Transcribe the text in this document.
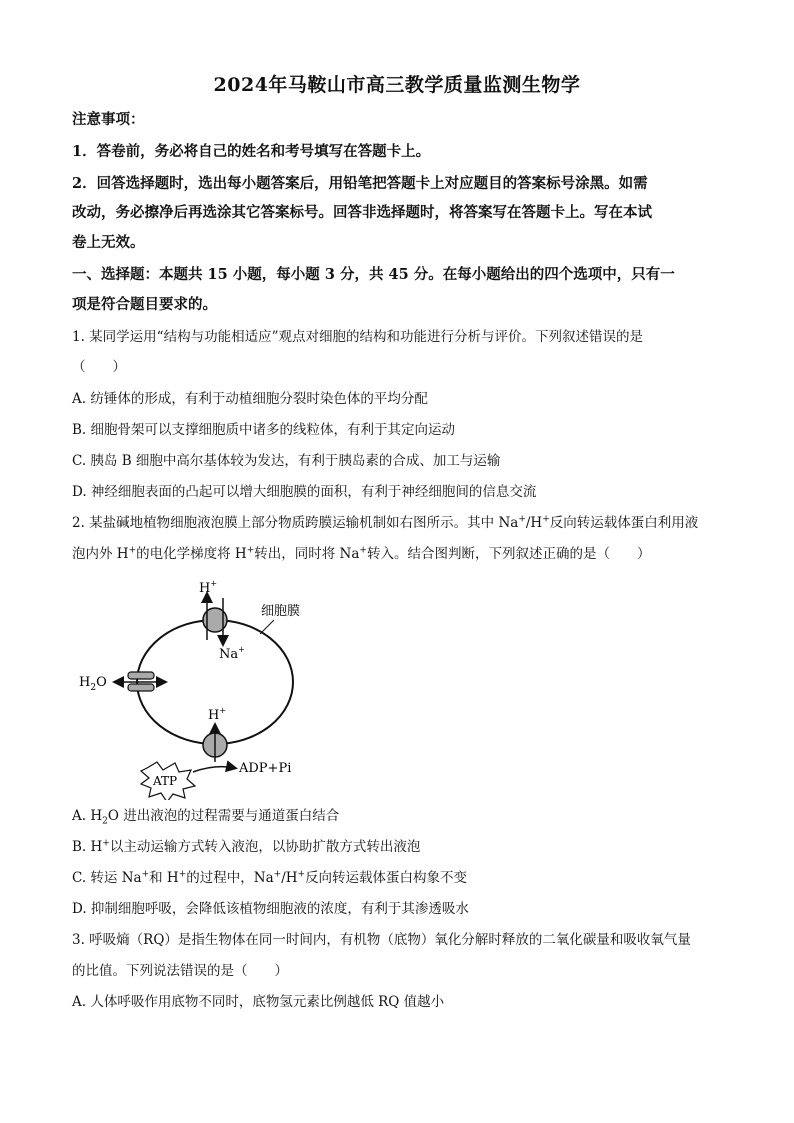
2024年马鞍山市高三教学质量监测生物学
注意事项：
1．答卷前，务必将自己的姓名和考号填写在答题卡上。
2．回答选择题时，选出每小题答案后，用铅笔把答题卡上对应题目的答案标号涂黑。如需
改动，务必擦净后再选涂其它答案标号。回答非选择题时，将答案写在答题卡上。写在本试
卷上无效。
一、选择题：本题共 15 小题，每小题 3 分，共 45 分。在每小题给出的四个选项中，只有一
项是符合题目要求的。
1. 某同学运用“结构与功能相适应”观点对细胞的结构和功能进行分析与评价。下列叙述错误的是
（　　）
A. 纺锤体的形成，有利于动植细胞分裂时染色体的平均分配
B. 细胞骨架可以支撑细胞质中诸多的线粒体，有利于其定向运动
C. 胰岛 B 细胞中高尔基体较为发达，有利于胰岛素的合成、加工与运输
D. 神经细胞表面的凸起可以增大细胞膜的面积，有利于神经细胞间的信息交流
2. 某盐碱地植物细胞液泡膜上部分物质跨膜运输机制如右图所示。其中 Na+/H+反向转运载体蛋白利用液
泡内外 H+的电化学梯度将 H+转出，同时将 Na+转入。结合图判断，下列叙述正确的是（　　）
细胞膜
H+
Na+
$H_2O$
H+
ATP
ADP+Pi
A. $H_2O$ 进出液泡的过程需要与通道蛋白结合
B. H+以主动运输方式转入液泡，以协助扩散方式转出液泡
C. 转运 Na+和 H+的过程中，Na+/H+反向转运载体蛋白构象不变
D. 抑制细胞呼吸，会降低该植物细胞液的浓度，有利于其渗透吸水
3. 呼吸熵（RQ）是指生物体在同一时间内，有机物（底物）氧化分解时释放的二氧化碳量和吸收氧气量
的比值。下列说法错误的是（　　）
A. 人体呼吸作用底物不同时，底物氢元素比例越低 RQ 值越小
